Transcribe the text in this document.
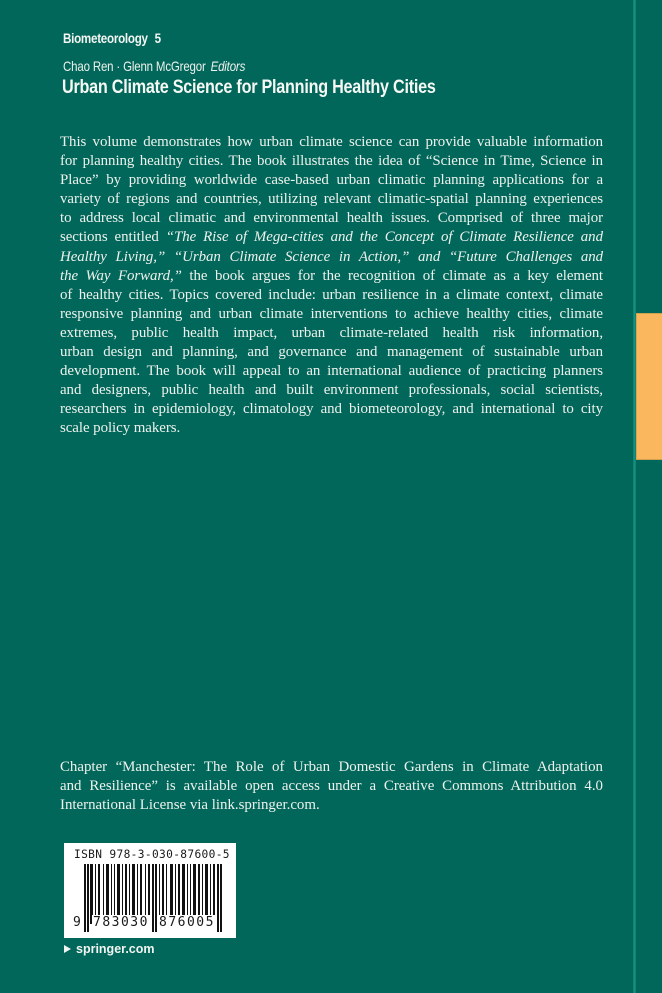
Biometeorology 5
Chao Ren · Glenn McGregor Editors
Urban Climate Science for Planning Healthy Cities
This volume demonstrates how urban climate science can provide valuable information
for planning healthy cities. The book illustrates the idea of “Science in Time, Science in
Place” by providing worldwide case-based urban climatic planning applications for a
variety of regions and countries, utilizing relevant climatic-spatial planning experiences
to address local climatic and environmental health issues. Comprised of three major
sections entitled “The Rise of Mega-cities and the Concept of Climate Resilience and
Healthy Living,” “Urban Climate Science in Action,” and “Future Challenges and
the Way Forward,” the book argues for the recognition of climate as a key element
of healthy cities. Topics covered include: urban resilience in a climate context, climate
responsive planning and urban climate interventions to achieve healthy cities, climate
extremes, public health impact, urban climate-related health risk information,
urban design and planning, and governance and management of sustainable urban
development. The book will appeal to an international audience of practicing planners
and designers, public health and built environment professionals, social scientists,
researchers in epidemiology, climatology and biometeorology, and international to city
scale policy makers.
Chapter “Manchester: The Role of Urban Domestic Gardens in Climate Adaptation
and Resilience” is available open access under a Creative Commons Attribution 4.0
International License via link.springer.com.
ISBN 978-3-030-87600-5
9 783030 876005
springer.com
